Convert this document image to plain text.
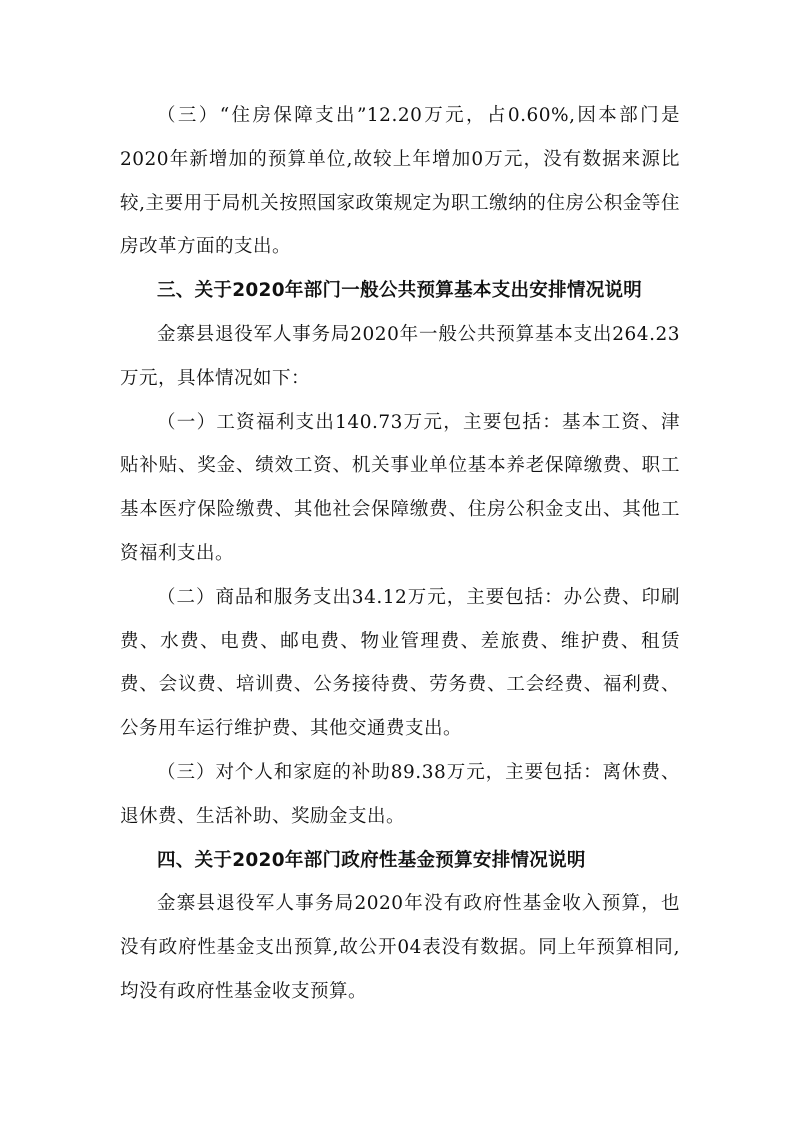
（三）“住房保障支出”12.20万元，占0.60%,因本部门是2020年新增加的预算单位,故较上年增加0万元，没有数据来源比较,主要用于局机关按照国家政策规定为职工缴纳的住房公积金等住房改革方面的支出。

三、关于2020年部门一般公共预算基本支出安排情况说明

金寨县退役军人事务局2020年一般公共预算基本支出264.23万元，具体情况如下：

（一）工资福利支出140.73万元，主要包括：基本工资、津贴补贴、奖金、绩效工资、机关事业单位基本养老保障缴费、职工基本医疗保险缴费、其他社会保障缴费、住房公积金支出、其他工资福利支出。

（二）商品和服务支出34.12万元，主要包括：办公费、印刷费、水费、电费、邮电费、物业管理费、差旅费、维护费、租赁费、会议费、培训费、公务接待费、劳务费、工会经费、福利费、公务用车运行维护费、其他交通费支出。

（三）对个人和家庭的补助89.38万元，主要包括：离休费、退休费、生活补助、奖励金支出。

四、关于2020年部门政府性基金预算安排情况说明

金寨县退役军人事务局2020年没有政府性基金收入预算，也没有政府性基金支出预算,故公开04表没有数据。同上年预算相同,均没有政府性基金收支预算。
